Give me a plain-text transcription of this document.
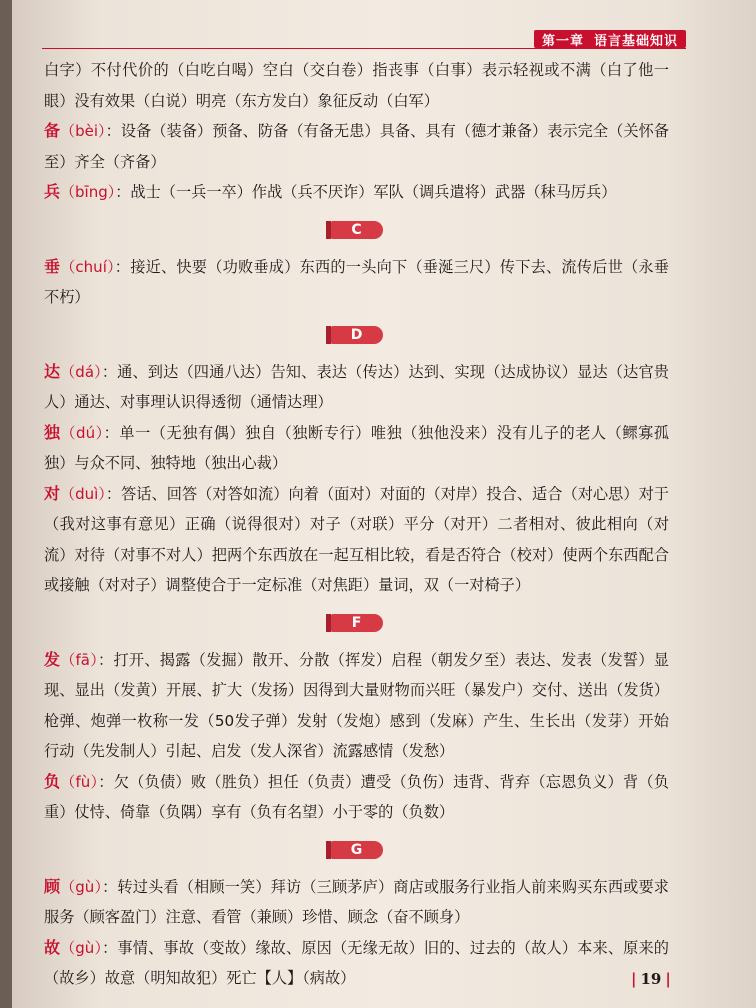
第一章 语言基础知识

白字）不付代价的（白吃白喝）空白（交白卷）指丧事（白事）表示轻视或不满（白了他一眼）没有效果（白说）明亮（东方发白）象征反动（白军）

备（bèi）：设备（装备）预备、防备（有备无患）具备、具有（德才兼备）表示完全（关怀备至）齐全（齐备）

兵（bīng）：战士（一兵一卒）作战（兵不厌诈）军队（调兵遣将）武器（秣马厉兵）

C

垂（chuí）：接近、快要（功败垂成）东西的一头向下（垂涎三尺）传下去、流传后世（永垂不朽）

D

达（dá）：通、到达（四通八达）告知、表达（传达）达到、实现（达成协议）显达（达官贵人）通达、对事理认识得透彻（通情达理）

独（dú）：单一（无独有偶）独自（独断专行）唯独（独他没来）没有儿子的老人（鳏寡孤独）与众不同、独特地（独出心裁）

对（duì）：答话、回答（对答如流）向着（面对）对面的（对岸）投合、适合（对心思）对于（我对这事有意见）正确（说得很对）对子（对联）平分（对开）二者相对、彼此相向（对流）对待（对事不对人）把两个东西放在一起互相比较，看是否符合（校对）使两个东西配合或接触（对对子）调整使合于一定标准（对焦距）量词，双（一对椅子）

F

发（fā）：打开、揭露（发掘）散开、分散（挥发）启程（朝发夕至）表达、发表（发誓）显现、显出（发黄）开展、扩大（发扬）因得到大量财物而兴旺（暴发户）交付、送出（发货）枪弹、炮弹一枚称一发（50发子弹）发射（发炮）感到（发麻）产生、生长出（发芽）开始行动（先发制人）引起、启发（发人深省）流露感情（发愁）

负（fù）：欠（负债）败（胜负）担任（负责）遭受（负伤）违背、背弃（忘恩负义）背（负重）仗恃、倚靠（负隅）享有（负有名望）小于零的（负数）

G

顾（gù）：转过头看（相顾一笑）拜访（三顾茅庐）商店或服务行业指人前来购买东西或要求服务（顾客盈门）注意、看管（兼顾）珍惜、顾念（奋不顾身）

故（gù）：事情、事故（变故）缘故、原因（无缘无故）旧的、过去的（故人）本来、原来的（故乡）故意（明知故犯）死亡【人】（病故）	| 19 |
